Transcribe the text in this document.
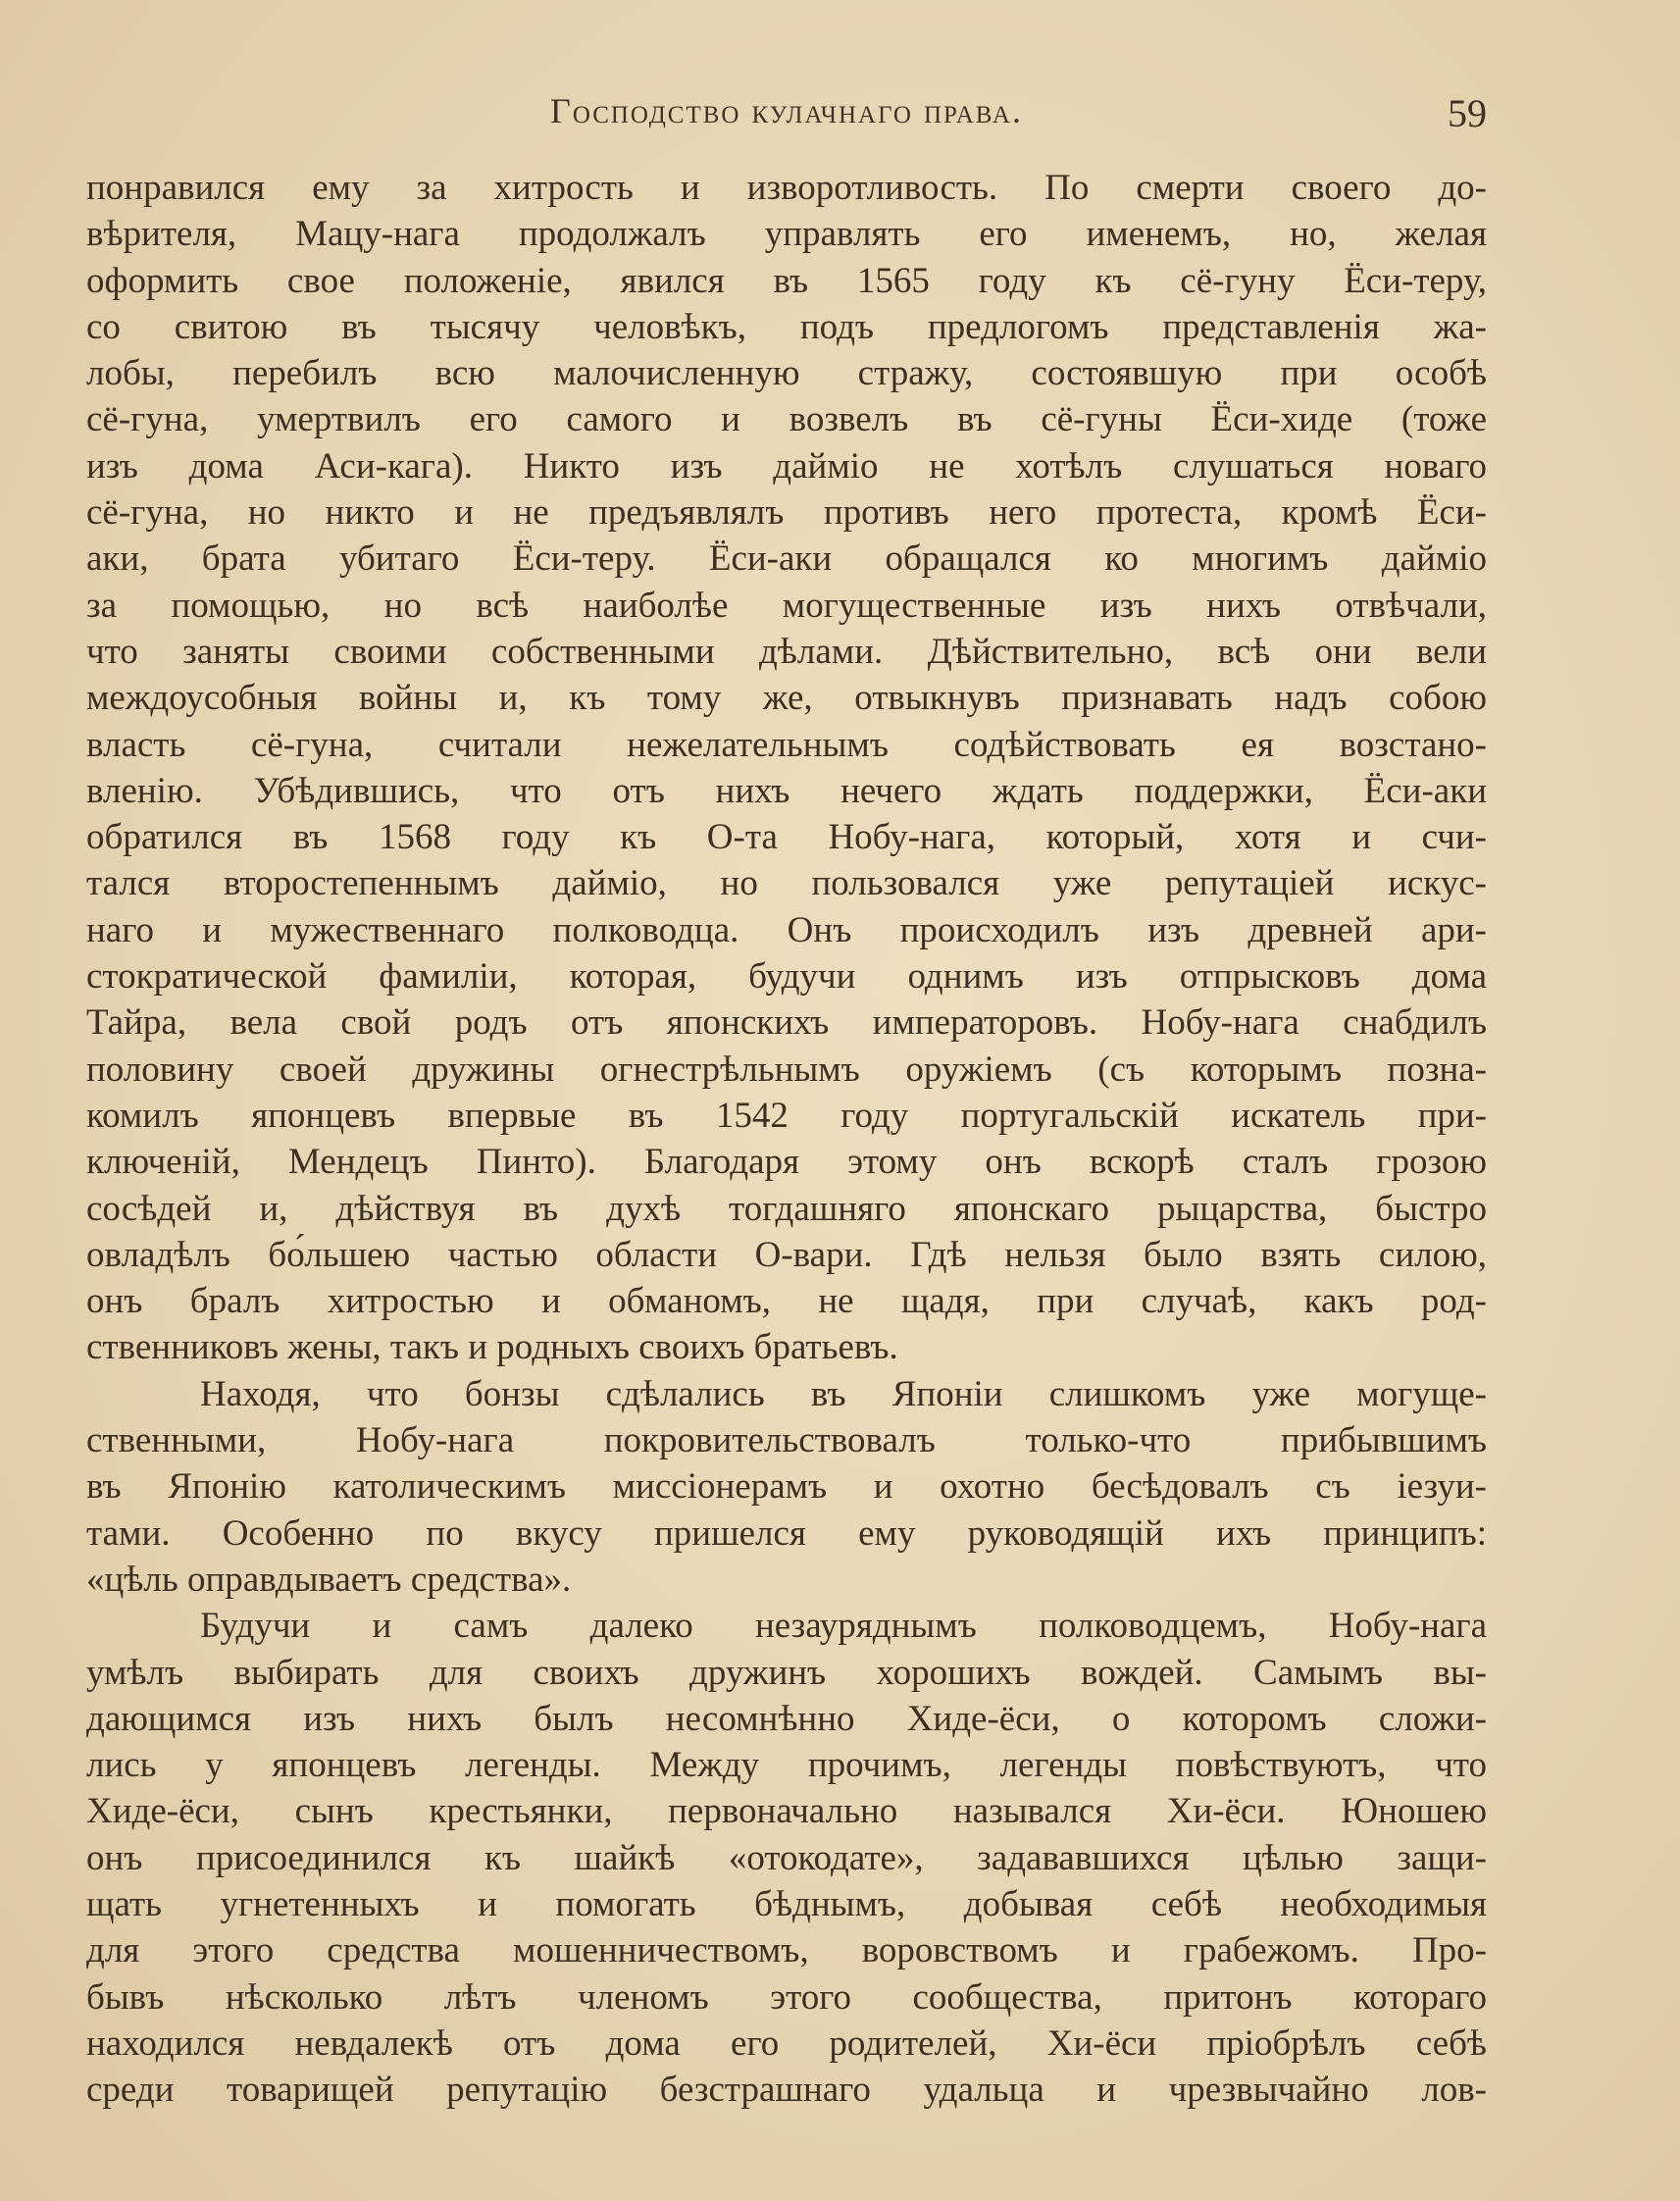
Господство кулачнаго права.	59
понравился ему за хитрость и изворотливость. По смерти своего до-
вѣрителя, Мацу-нага продолжалъ управлять его именемъ, но, желая
оформить свое положеніе, явился въ 1565 году къ сё-гуну Ёси-теру,
со свитою въ тысячу человѣкъ, подъ предлогомъ представленія жа-
лобы, перебилъ всю малочисленную стражу, состоявшую при особѣ
сё-гуна, умертвилъ его самого и возвелъ въ сё-гуны Ёси-хиде (тоже
изъ дома Аси-кага). Никто изъ дайміо не хотѣлъ слушаться новаго
сё-гуна, но никто и не предъявлялъ противъ него протеста, кромѣ Ёси-
аки, брата убитаго Ёси-теру. Ёси-аки обращался ко многимъ дайміо
за помощью, но всѣ наиболѣе могущественные изъ нихъ отвѣчали,
что заняты своими собственными дѣлами. Дѣйствительно, всѣ они вели
междоусобныя войны и, къ тому же, отвыкнувъ признавать надъ собою
власть сё-гуна, считали нежелательнымъ содѣйствовать ея возстано-
вленію. Убѣдившись, что отъ нихъ нечего ждать поддержки, Ёси-аки
обратился въ 1568 году къ О-та Нобу-нага, который, хотя и счи-
тался второстепеннымъ дайміо, но пользовался уже репутаціей искус-
наго и мужественнаго полководца. Онъ происходилъ изъ древней ари-
стократической фамиліи, которая, будучи однимъ изъ отпрысковъ дома
Тайра, вела свой родъ отъ японскихъ императоровъ. Нобу-нага снабдилъ
половину своей дружины огнестрѣльнымъ оружіемъ (съ которымъ позна-
комилъ японцевъ впервые въ 1542 году португальскій искатель при-
ключеній, Мендецъ Пинто). Благодаря этому онъ вскорѣ сталъ грозою
сосѣдей и, дѣйствуя въ духѣ тогдашняго японскаго рыцарства, быстро
овладѣлъ бо́льшею частью области О-вари. Гдѣ нельзя было взять силою,
онъ бралъ хитростью и обманомъ, не щадя, при случаѣ, какъ род-
ственниковъ жены, такъ и родныхъ своихъ братьевъ.
Находя, что бонзы сдѣлались въ Японіи слишкомъ уже могуще-
ственными, Нобу-нага покровительствовалъ только-что прибывшимъ
въ Японію католическимъ миссіонерамъ и охотно бесѣдовалъ съ іезуи-
тами. Особенно по вкусу пришелся ему руководящій ихъ принципъ:
«цѣль оправдываетъ средства».
Будучи и самъ далеко незауряднымъ полководцемъ, Нобу-нага
умѣлъ выбирать для своихъ дружинъ хорошихъ вождей. Самымъ вы-
дающимся изъ нихъ былъ несомнѣнно Хиде-ёси, о которомъ сложи-
лись у японцевъ легенды. Между прочимъ, легенды повѣствуютъ, что
Хиде-ёси, сынъ крестьянки, первоначально назывался Хи-ёси. Юношею
онъ присоединился къ шайкѣ «отокодате», задававшихся цѣлью защи-
щать угнетенныхъ и помогать бѣднымъ, добывая себѣ необходимыя
для этого средства мошенничествомъ, воровствомъ и грабежомъ. Про-
бывъ нѣсколько лѣтъ членомъ этого сообщества, притонъ котораго
находился невдалекѣ отъ дома его родителей, Хи-ёси пріобрѣлъ себѣ
среди товарищей репутацію безстрашнаго удальца и чрезвычайно лов-
